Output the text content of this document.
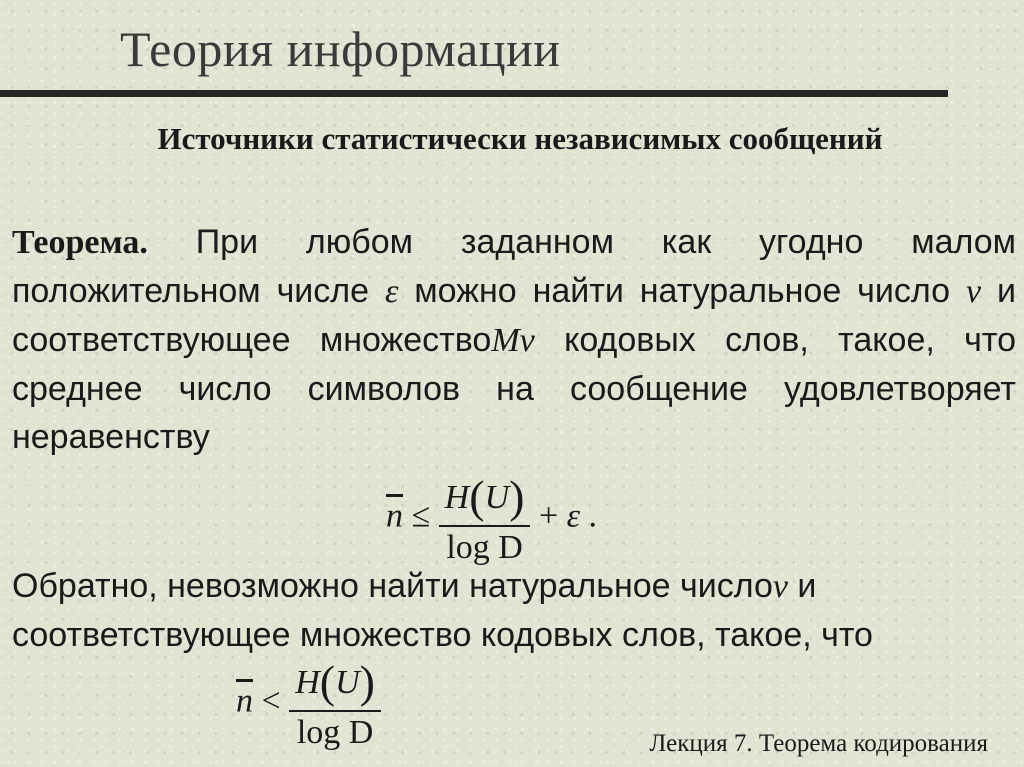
Теория информации
Источники статистически независимых сообщений

Теорема. При любом заданном как угодно малом положительном числе ε можно найти натуральное число ν и соответствующее множествоMν кодовых слов, такое, что среднее число символов на сообщение удовлетворяет неравенству

$\overline{n} \le \frac{H(U)}{\text{log D}} + \varepsilon$ .

Обратно, невозможно найти натуральное числоν и соответствующее множество кодовых слов, такое, что

$\overline{n} < \frac{H(U)}{\text{log D}}$	Лекция 7. Теорема кодирования
